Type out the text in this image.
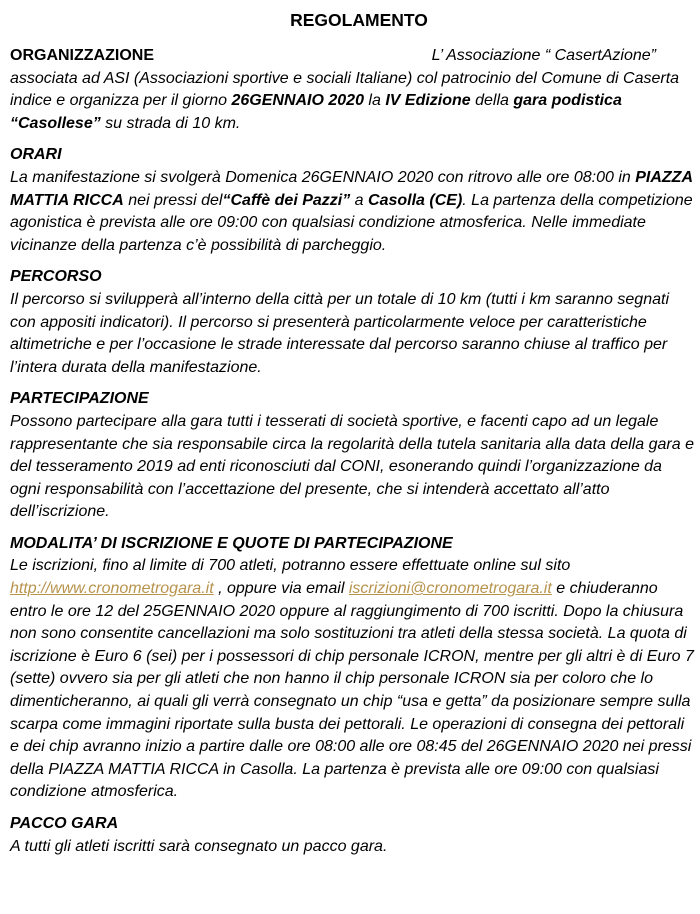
REGOLAMENTO
ORGANIZZAZIONE	L’ Associazione “ CasertAzione”
associata ad ASI (Associazioni sportive e sociali Italiane) col patrocinio del Comune di Caserta indice e organizza per il giorno 26GENNAIO 2020 la IV Edizione della gara podistica “Casollese” su strada di 10 km.
ORARI
La manifestazione si svolgerà Domenica 26GENNAIO 2020 con ritrovo alle ore 08:00 in PIAZZA MATTIA RICCA nei pressi del“Caffè dei Pazzi” a Casolla (CE). La partenza della competizione agonistica è prevista alle ore 09:00 con qualsiasi condizione atmosferica. Nelle immediate vicinanze della partenza c’è possibilità di parcheggio.
PERCORSO
Il percorso si svilupperà all’interno della città per un totale di 10 km (tutti i km saranno segnati con appositi indicatori). Il percorso si presenterà particolarmente veloce per caratteristiche altimetriche e per l’occasione le strade interessate dal percorso saranno chiuse al traffico per l’intera durata della manifestazione.
PARTECIPAZIONE
Possono partecipare alla gara tutti i tesserati di società sportive, e facenti capo ad un legale rappresentante che sia responsabile circa la regolarità della tutela sanitaria alla data della gara e del tesseramento 2019 ad enti riconosciuti dal CONI, esonerando quindi l’organizzazione da ogni responsabilità con l’accettazione del presente, che si intenderà accettato all’atto dell’iscrizione.
MODALITA’ DI ISCRIZIONE E QUOTE DI PARTECIPAZIONE
Le iscrizioni, fino al limite di 700 atleti, potranno essere effettuate online sul sito http://www.cronometrogara.it , oppure via email iscrizioni@cronometrogara.it e chiuderanno entro le ore 12 del 25GENNAIO 2020 oppure al raggiungimento di 700 iscritti. Dopo la chiusura non sono consentite cancellazioni ma solo sostituzioni tra atleti della stessa società. La quota di iscrizione è Euro 6 (sei) per i possessori di chip personale ICRON, mentre per gli altri è di Euro 7 (sette) ovvero sia per gli atleti che non hanno il chip personale ICRON sia per coloro che lo dimenticheranno, ai quali gli verrà consegnato un chip “usa e getta” da posizionare sempre sulla scarpa come immagini riportate sulla busta dei pettorali. Le operazioni di consegna dei pettorali e dei chip avranno inizio a partire dalle ore 08:00 alle ore 08:45 del 26GENNAIO 2020 nei pressi della PIAZZA MATTIA RICCA in Casolla. La partenza è prevista alle ore 09:00 con qualsiasi condizione atmosferica.
PACCO GARA
A tutti gli atleti iscritti sarà consegnato un pacco gara.
